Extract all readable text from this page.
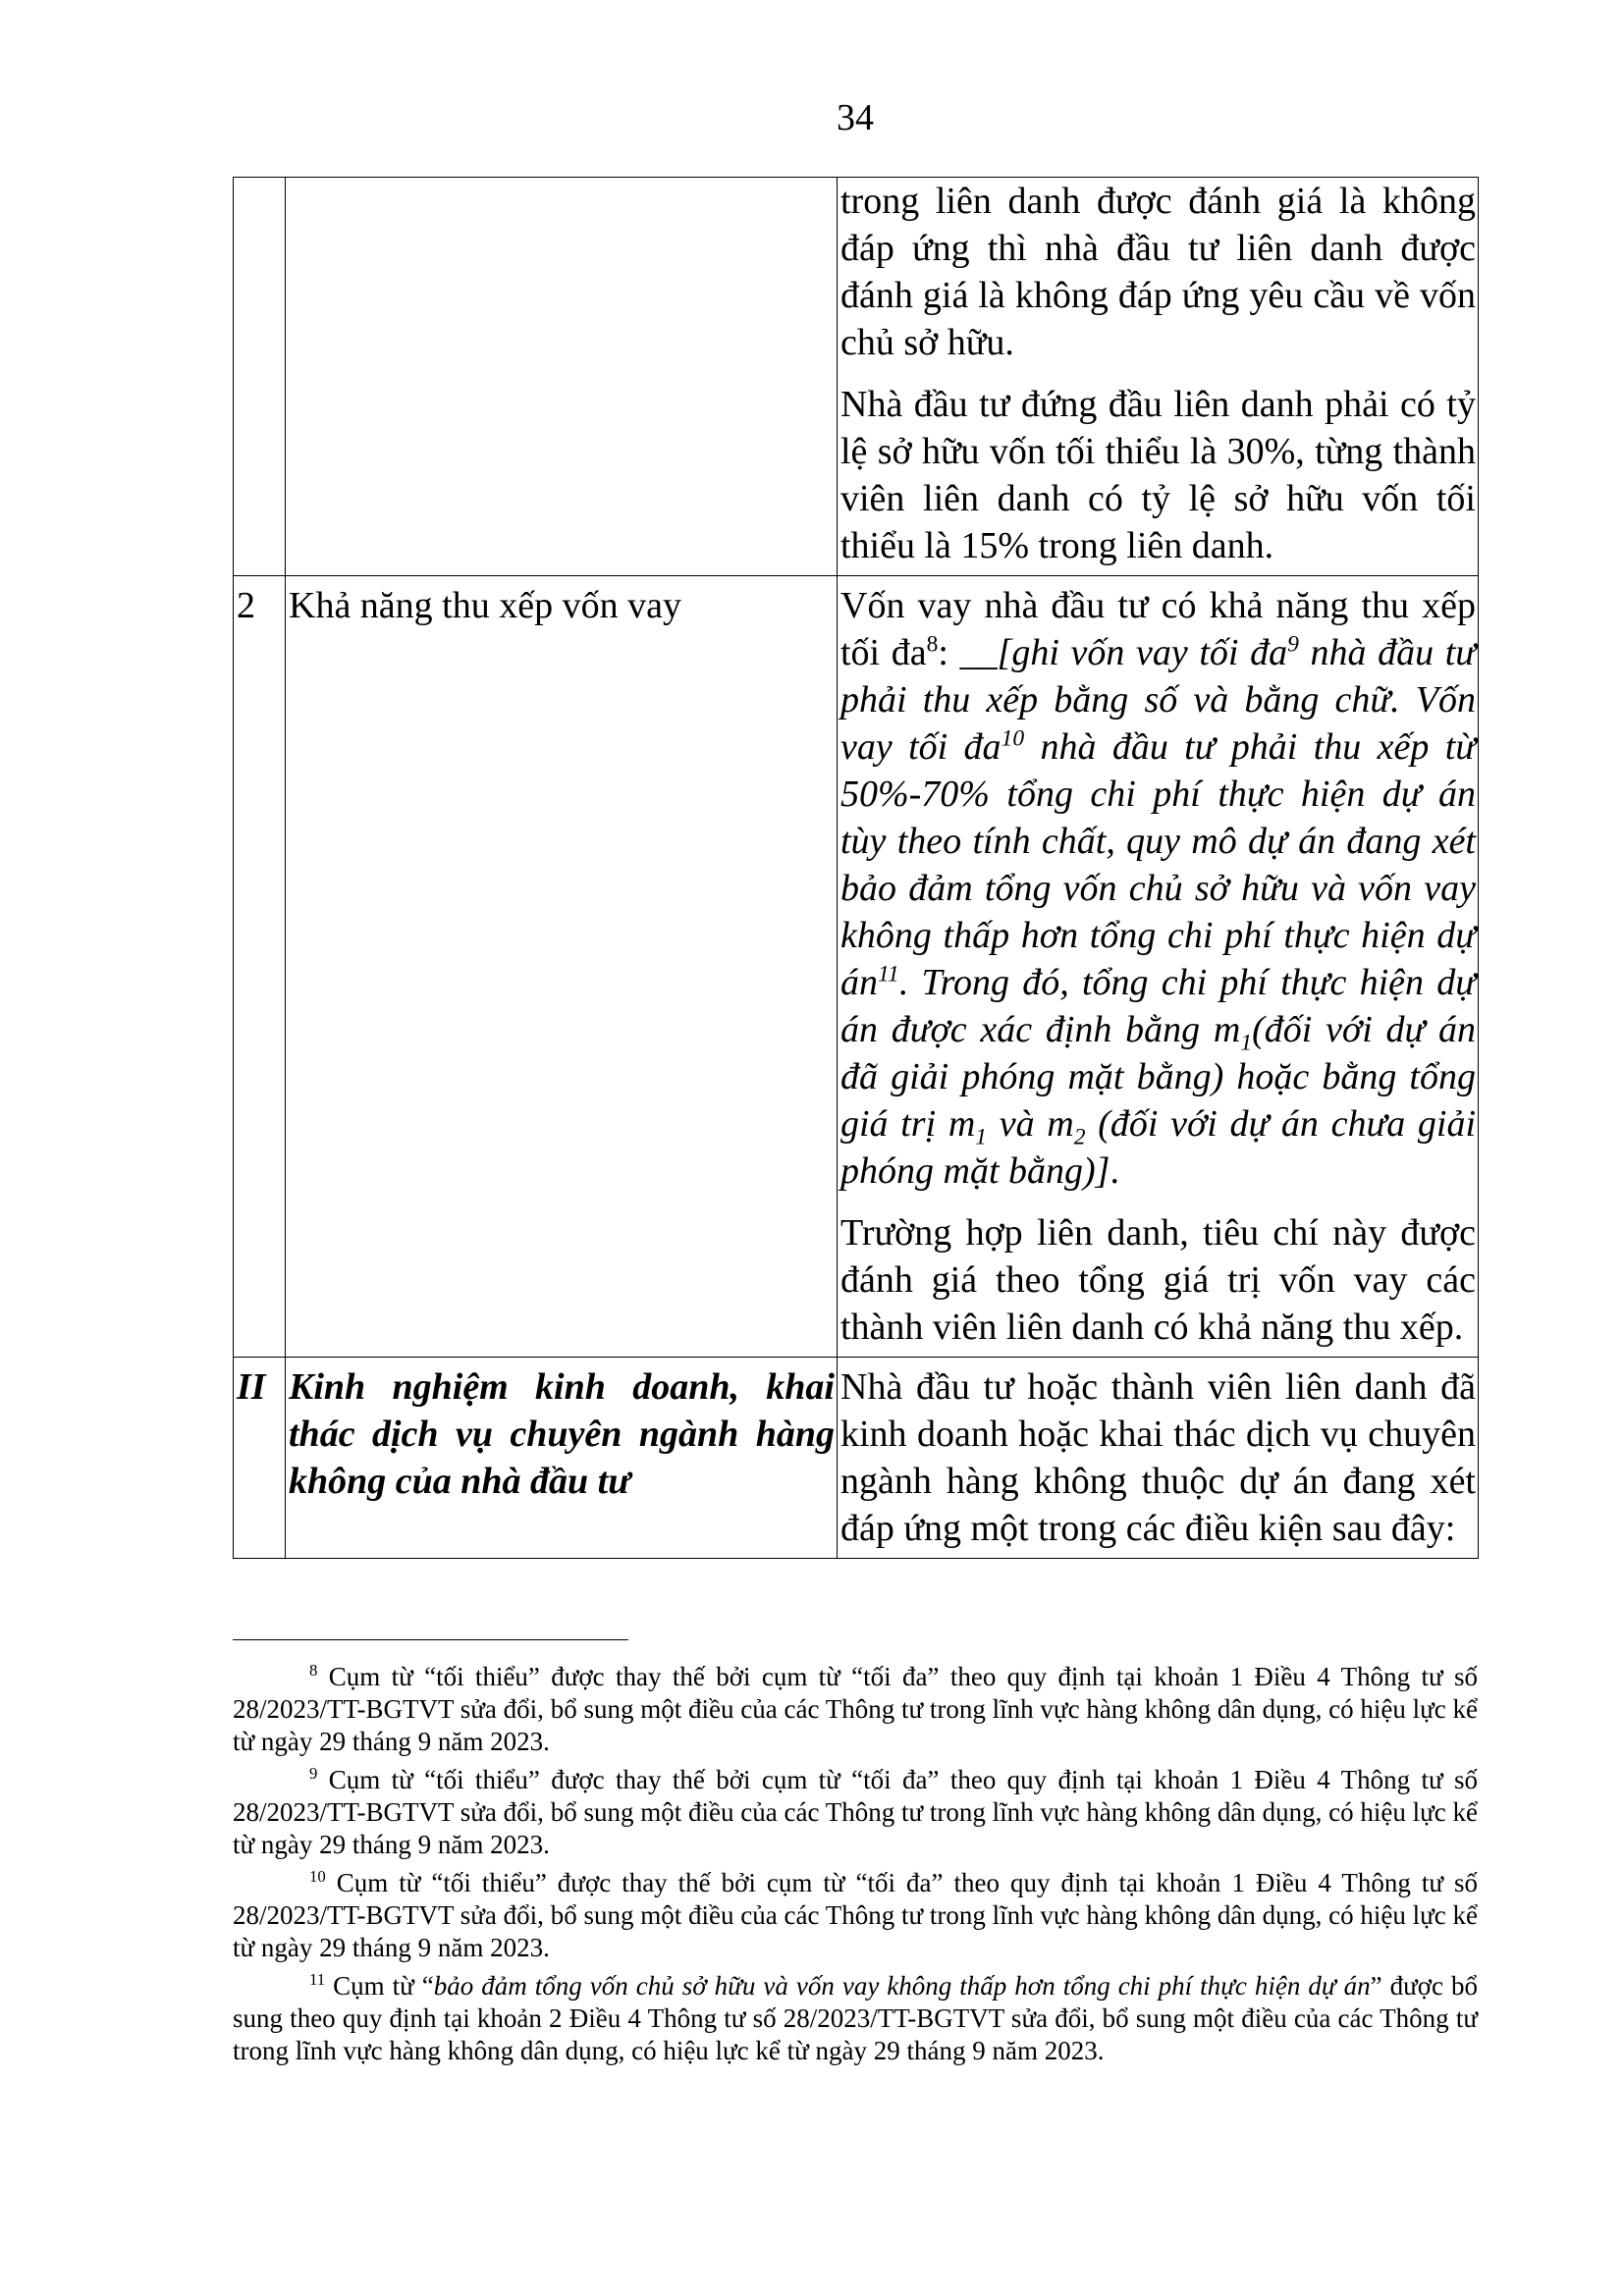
34

		trong liên danh được đánh giá là không đáp ứng thì nhà đầu tư liên danh được đánh giá là không đáp ứng yêu cầu về vốn chủ sở hữu.

Nhà đầu tư đứng đầu liên danh phải có tỷ lệ sở hữu vốn tối thiểu là 30%, từng thành viên liên danh có tỷ lệ sở hữu vốn tối thiểu là 15% trong liên danh.

2	Khả năng thu xếp vốn vay	Vốn vay nhà đầu tư có khả năng thu xếp tối $đa^8$: __[ghi vốn vay tối $đa^9$ nhà đầu tư phải thu xếp bằng số và bằng chữ. Vốn vay tối $đa^{10}$ nhà đầu tư phải thu xếp từ 50%-70% tổng chi phí thực hiện dự án tùy theo tính chất, quy mô dự án đang xét bảo đảm tổng vốn chủ sở hữu và vốn vay không thấp hơn tổng chi phí thực hiện dự $án^{11}$. Trong đó, tổng chi phí thực hiện dự án được xác định bằng $m_1(đối$ với dự án đã giải phóng mặt bằng) hoặc bằng tổng giá trị $m_1$ và $m_2$ (đối với dự án chưa giải phóng mặt bằng)].

Trường hợp liên danh, tiêu chí này được đánh giá theo tổng giá trị vốn vay các thành viên liên danh có khả năng thu xếp.

II	Kinh nghiệm kinh doanh, khai thác dịch vụ chuyên ngành hàng không của nhà đầu tư	Nhà đầu tư hoặc thành viên liên danh đã kinh doanh hoặc khai thác dịch vụ chuyên ngành hàng không thuộc dự án đang xét đáp ứng một trong các điều kiện sau đây:

$^8$ Cụm từ “tối thiểu” được thay thế bởi cụm từ “tối đa” theo quy định tại khoản 1 Điều 4 Thông tư số 28/2023/TT-BGTVT sửa đổi, bổ sung một điều của các Thông tư trong lĩnh vực hàng không dân dụng, có hiệu lực kể từ ngày 29 tháng 9 năm 2023.

$^9$ Cụm từ “tối thiểu” được thay thế bởi cụm từ “tối đa” theo quy định tại khoản 1 Điều 4 Thông tư số 28/2023/TT-BGTVT sửa đổi, bổ sung một điều của các Thông tư trong lĩnh vực hàng không dân dụng, có hiệu lực kể từ ngày 29 tháng 9 năm 2023.

$^{10}$ Cụm từ “tối thiểu” được thay thế bởi cụm từ “tối đa” theo quy định tại khoản 1 Điều 4 Thông tư số 28/2023/TT-BGTVT sửa đổi, bổ sung một điều của các Thông tư trong lĩnh vực hàng không dân dụng, có hiệu lực kể từ ngày 29 tháng 9 năm 2023.

$^{11}$ Cụm từ “bảo đảm tổng vốn chủ sở hữu và vốn vay không thấp hơn tổng chi phí thực hiện dự án” được bổ sung theo quy định tại khoản 2 Điều 4 Thông tư số 28/2023/TT-BGTVT sửa đổi, bổ sung một điều của các Thông tư trong lĩnh vực hàng không dân dụng, có hiệu lực kể từ ngày 29 tháng 9 năm 2023.
